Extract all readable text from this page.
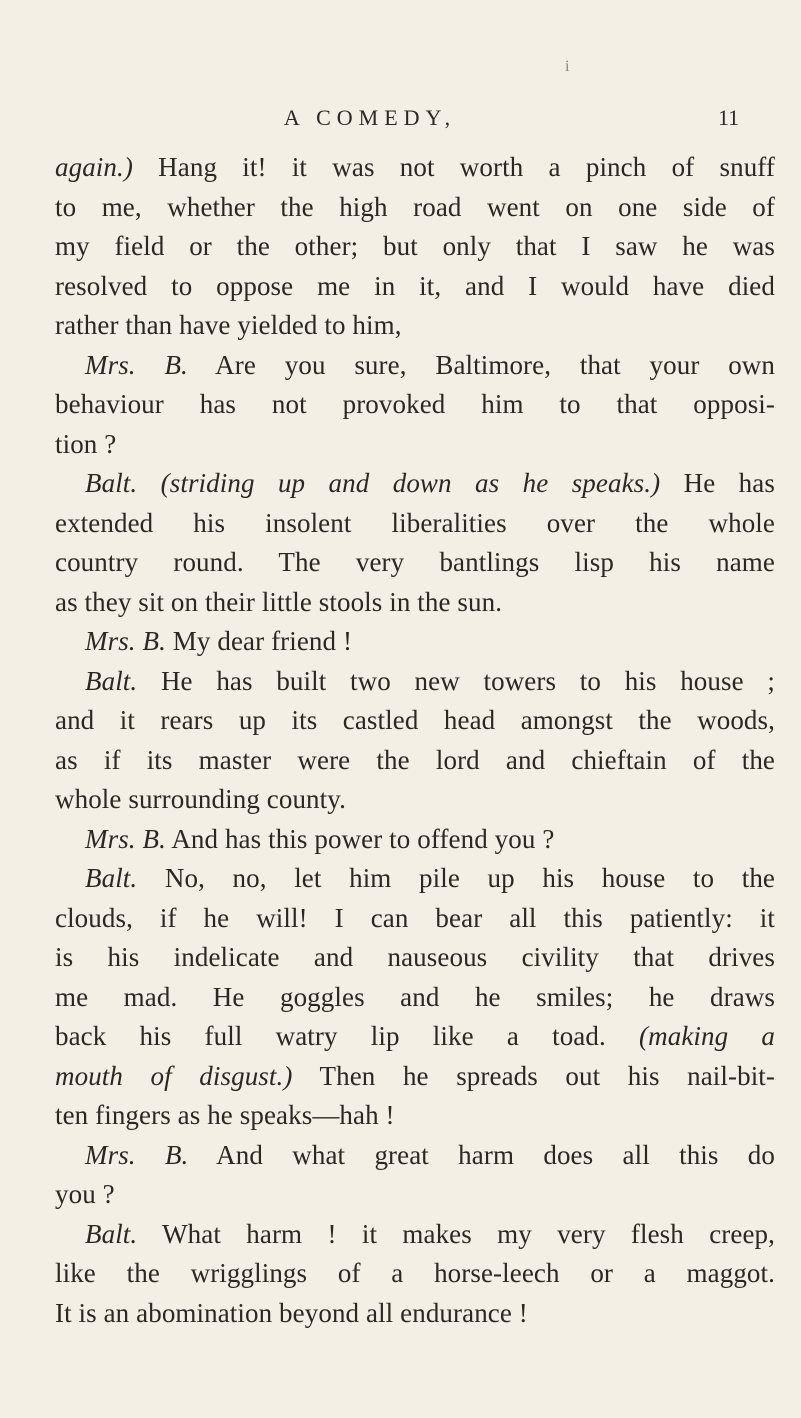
i
A COMEDY,	11
again.) Hang it! it was not worth a pinch of snuff
to me, whether the high road went on one side of
my field or the other; but only that I saw he was
resolved to oppose me in it, and I would have died
rather than have yielded to him,
Mrs. B. Are you sure, Baltimore, that your own
behaviour has not provoked him to that opposi-
tion ?
Balt. (striding up and down as he speaks.) He has
extended his insolent liberalities over the whole
country round. The very bantlings lisp his name
as they sit on their little stools in the sun.
Mrs. B. My dear friend !
Balt. He has built two new towers to his house ;
and it rears up its castled head amongst the woods,
as if its master were the lord and chieftain of the
whole surrounding county.
Mrs. B. And has this power to offend you ?
Balt. No, no, let him pile up his house to the
clouds, if he will! I can bear all this patiently: it
is his indelicate and nauseous civility that drives
me mad. He goggles and he smiles; he draws
back his full watry lip like a toad. (making a
mouth of disgust.) Then he spreads out his nail-bit-
ten fingers as he speaks—hah !
Mrs. B. And what great harm does all this do
you ?
Balt. What harm ! it makes my very flesh creep,
like the wrigglings of a horse-leech or a maggot.
It is an abomination beyond all endurance !
